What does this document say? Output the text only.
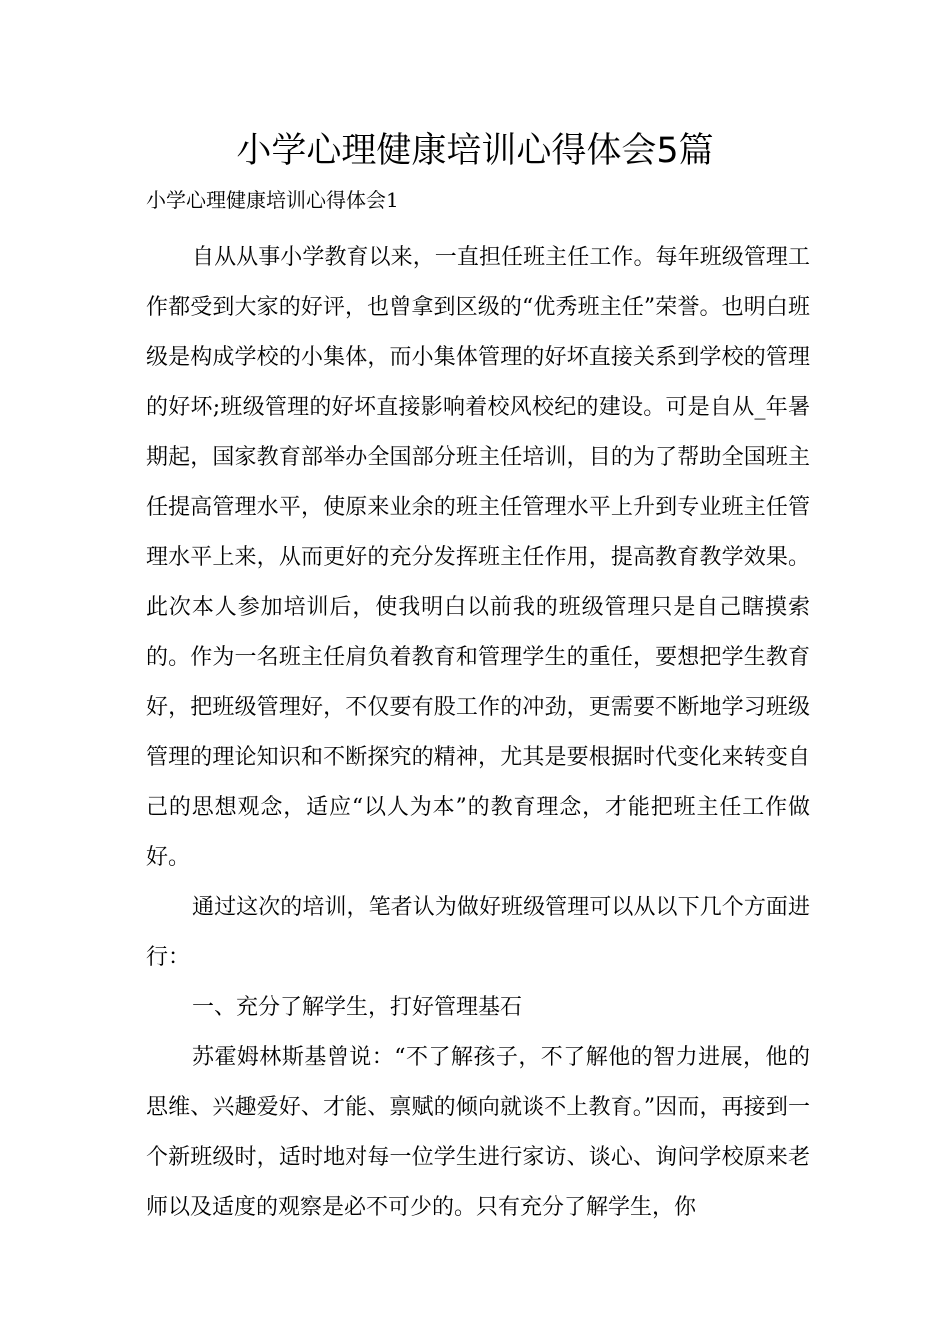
小学心理健康培训心得体会5篇

小学心理健康培训心得体会1

自从从事小学教育以来，一直担任班主任工作。每年班级管理工作都受到大家的好评，也曾拿到区级的“优秀班主任”荣誉。也明白班级是构成学校的小集体，而小集体管理的好坏直接关系到学校的管理的好坏;班级管理的好坏直接影响着校风校纪的建设。可是自从_年暑期起，国家教育部举办全国部分班主任培训，目的为了帮助全国班主任提高管理水平，使原来业余的班主任管理水平上升到专业班主任管理水平上来，从而更好的充分发挥班主任作用，提高教育教学效果。此次本人参加培训后，使我明白以前我的班级管理只是自己瞎摸索的。作为一名班主任肩负着教育和管理学生的重任，要想把学生教育好，把班级管理好，不仅要有股工作的冲劲，更需要不断地学习班级管理的理论知识和不断探究的精神，尤其是要根据时代变化来转变自己的思想观念，适应“以人为本”的教育理念，才能把班主任工作做好。

通过这次的培训，笔者认为做好班级管理可以从以下几个方面进行：

一、充分了解学生，打好管理基石

苏霍姆林斯基曾说：“不了解孩子，不了解他的智力进展，他的思维、兴趣爱好、才能、禀赋的倾向就谈不上教育。”因而，再接到一个新班级时，适时地对每一位学生进行家访、谈心、询问学校原来老师以及适度的观察是必不可少的。只有充分了解学生，你
